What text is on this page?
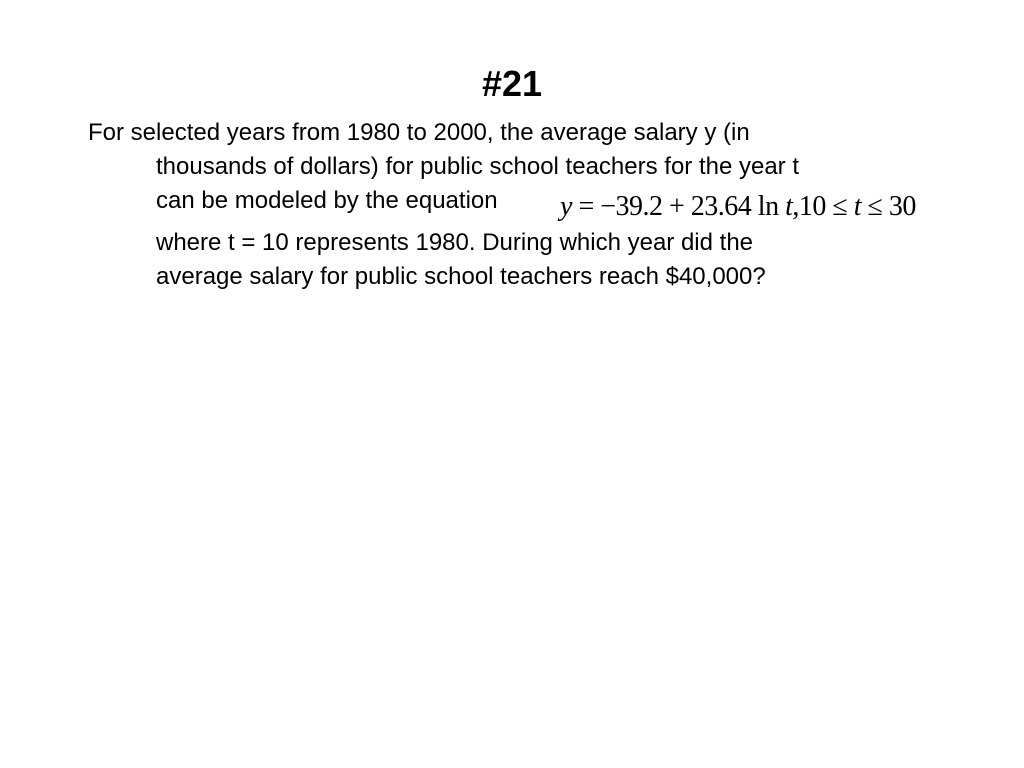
#21

For selected years from 1980 to 2000, the average salary y (in

thousands of dollars) for public school teachers for the year t

can be modeled by the equation y = −39.2 + 23.64 ln t,10 ≤ t ≤ 30

where t = 10 represents 1980. During which year did the

average salary for public school teachers reach $40,000?
